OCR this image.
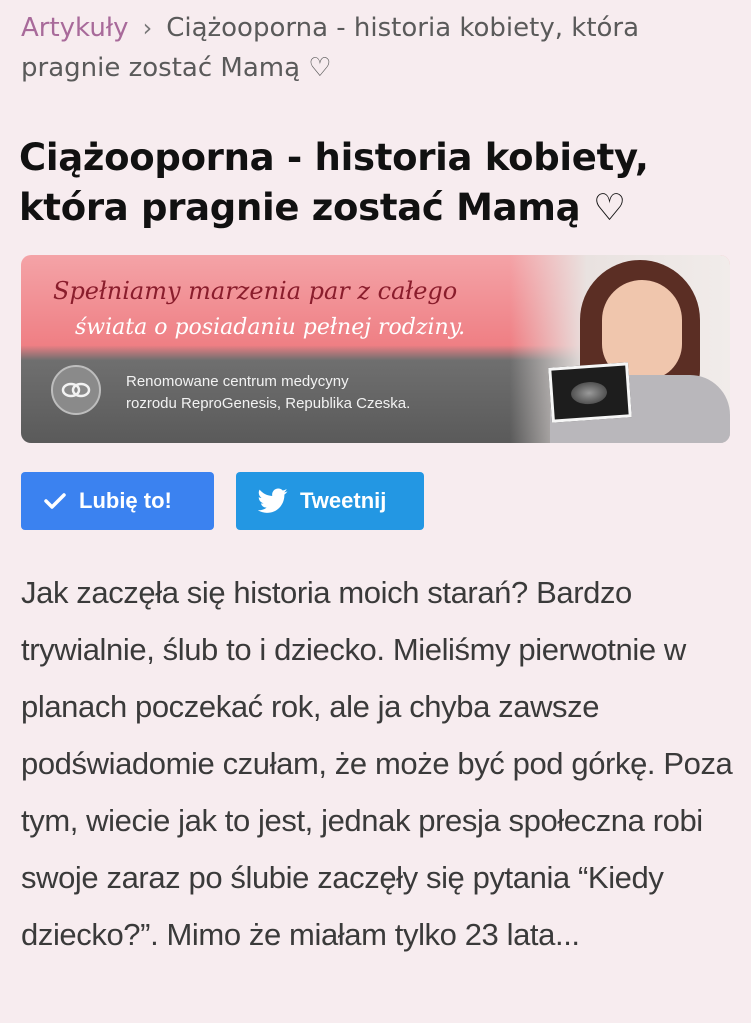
Artykuły › Ciążooporna - historia kobiety, która pragnie zostać Mamą ♡
Ciążooporna - historia kobiety, która pragnie zostać Mamą ♡
Spełniamy marzenia par z całego
świata o posiadaniu pełnej rodziny.
Renomowane centrum medycyny
rozrodu ReproGenesis, Republika Czeska.
Lubię to!	Tweetnij

Jak zaczęła się historia moich starań? Bardzo trywialnie, ślub to i dziecko. Mieliśmy pierwotnie w planach poczekać rok, ale ja chyba zawsze podświadomie czułam, że może być pod górkę. Poza tym, wiecie jak to jest, jednak presja społeczna robi swoje zaraz po ślubie zaczęły się pytania “Kiedy dziecko?”. Mimo że miałam tylko 23 lata...
